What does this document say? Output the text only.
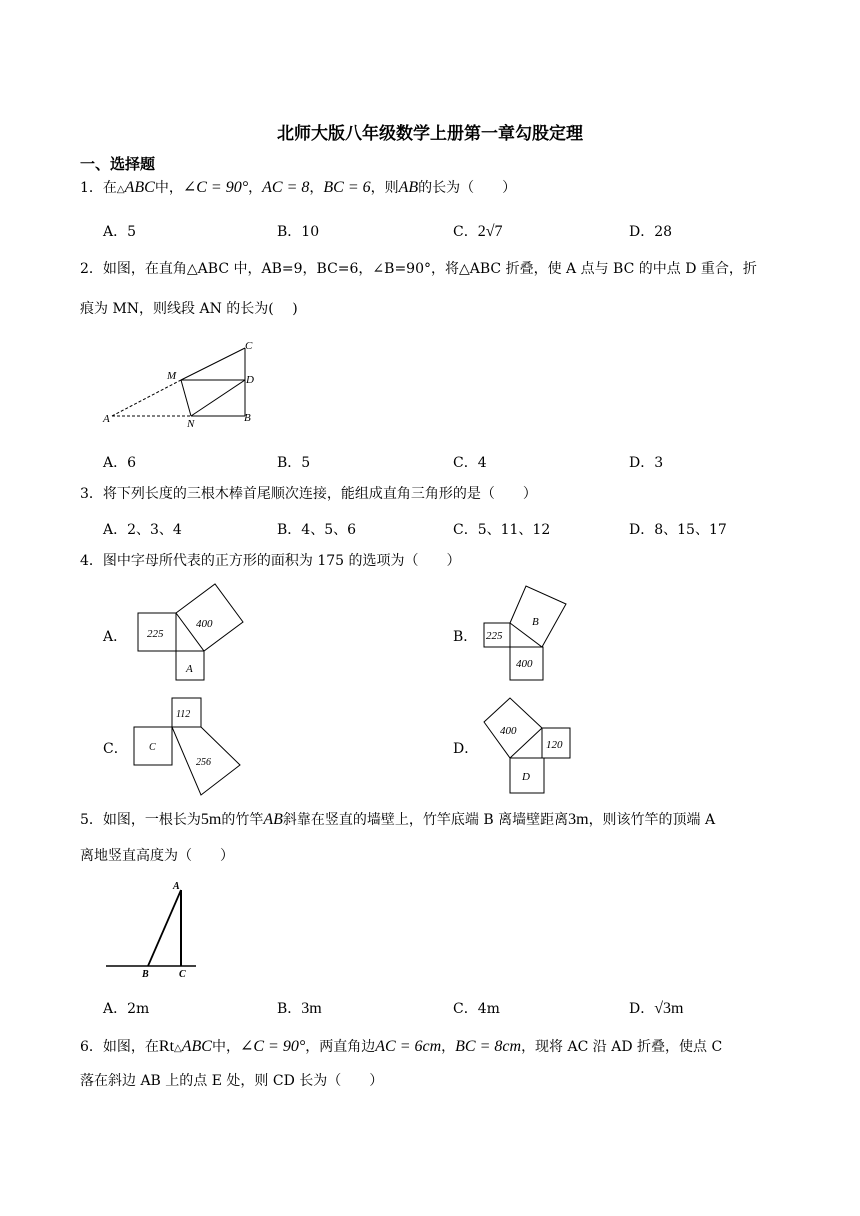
北师大版八年级数学上册第一章勾股定理
一、选择题
1．在△ABC中，∠C = 90°，AC = 8，BC = 6，则AB的长为（　　）
A．5	B．10	C．2√7	D．28
2．如图，在直角△ABC 中，AB=9，BC=6，∠B=90°，将△ABC 折叠，使 A 点与 BC 的中点 D 重合，折
痕为 MN，则线段 AN 的长为(　 )
C
M	D
A	N	B
A．6	B．5	C．4	D．3
3．将下列长度的三根木棒首尾顺次连接，能组成直角三角形的是（　　）
A．2、3、4	B．4、5、6	C．5、11、12	D．8、15、17
4．图中字母所代表的正方形的面积为 175 的选项为（　　）
A． 225
400
A
B． 225
B
400
C．
112
C
256
D．
400
120
D
5．如图，一根长为5m的竹竿AB斜靠在竖直的墙壁上，竹竿底端 B 离墙壁距离3m，则该竹竿的顶端 A
离地竖直高度为（　　）
A
B	C
A．2m	B．3m	C．4m	D．√3m
6．如图，在Rt△ABC中，∠C = 90°，两直角边AC = 6cm，BC = 8cm，现将 AC 沿 AD 折叠，使点 C
落在斜边 AB 上的点 E 处，则 CD 长为（　　）
